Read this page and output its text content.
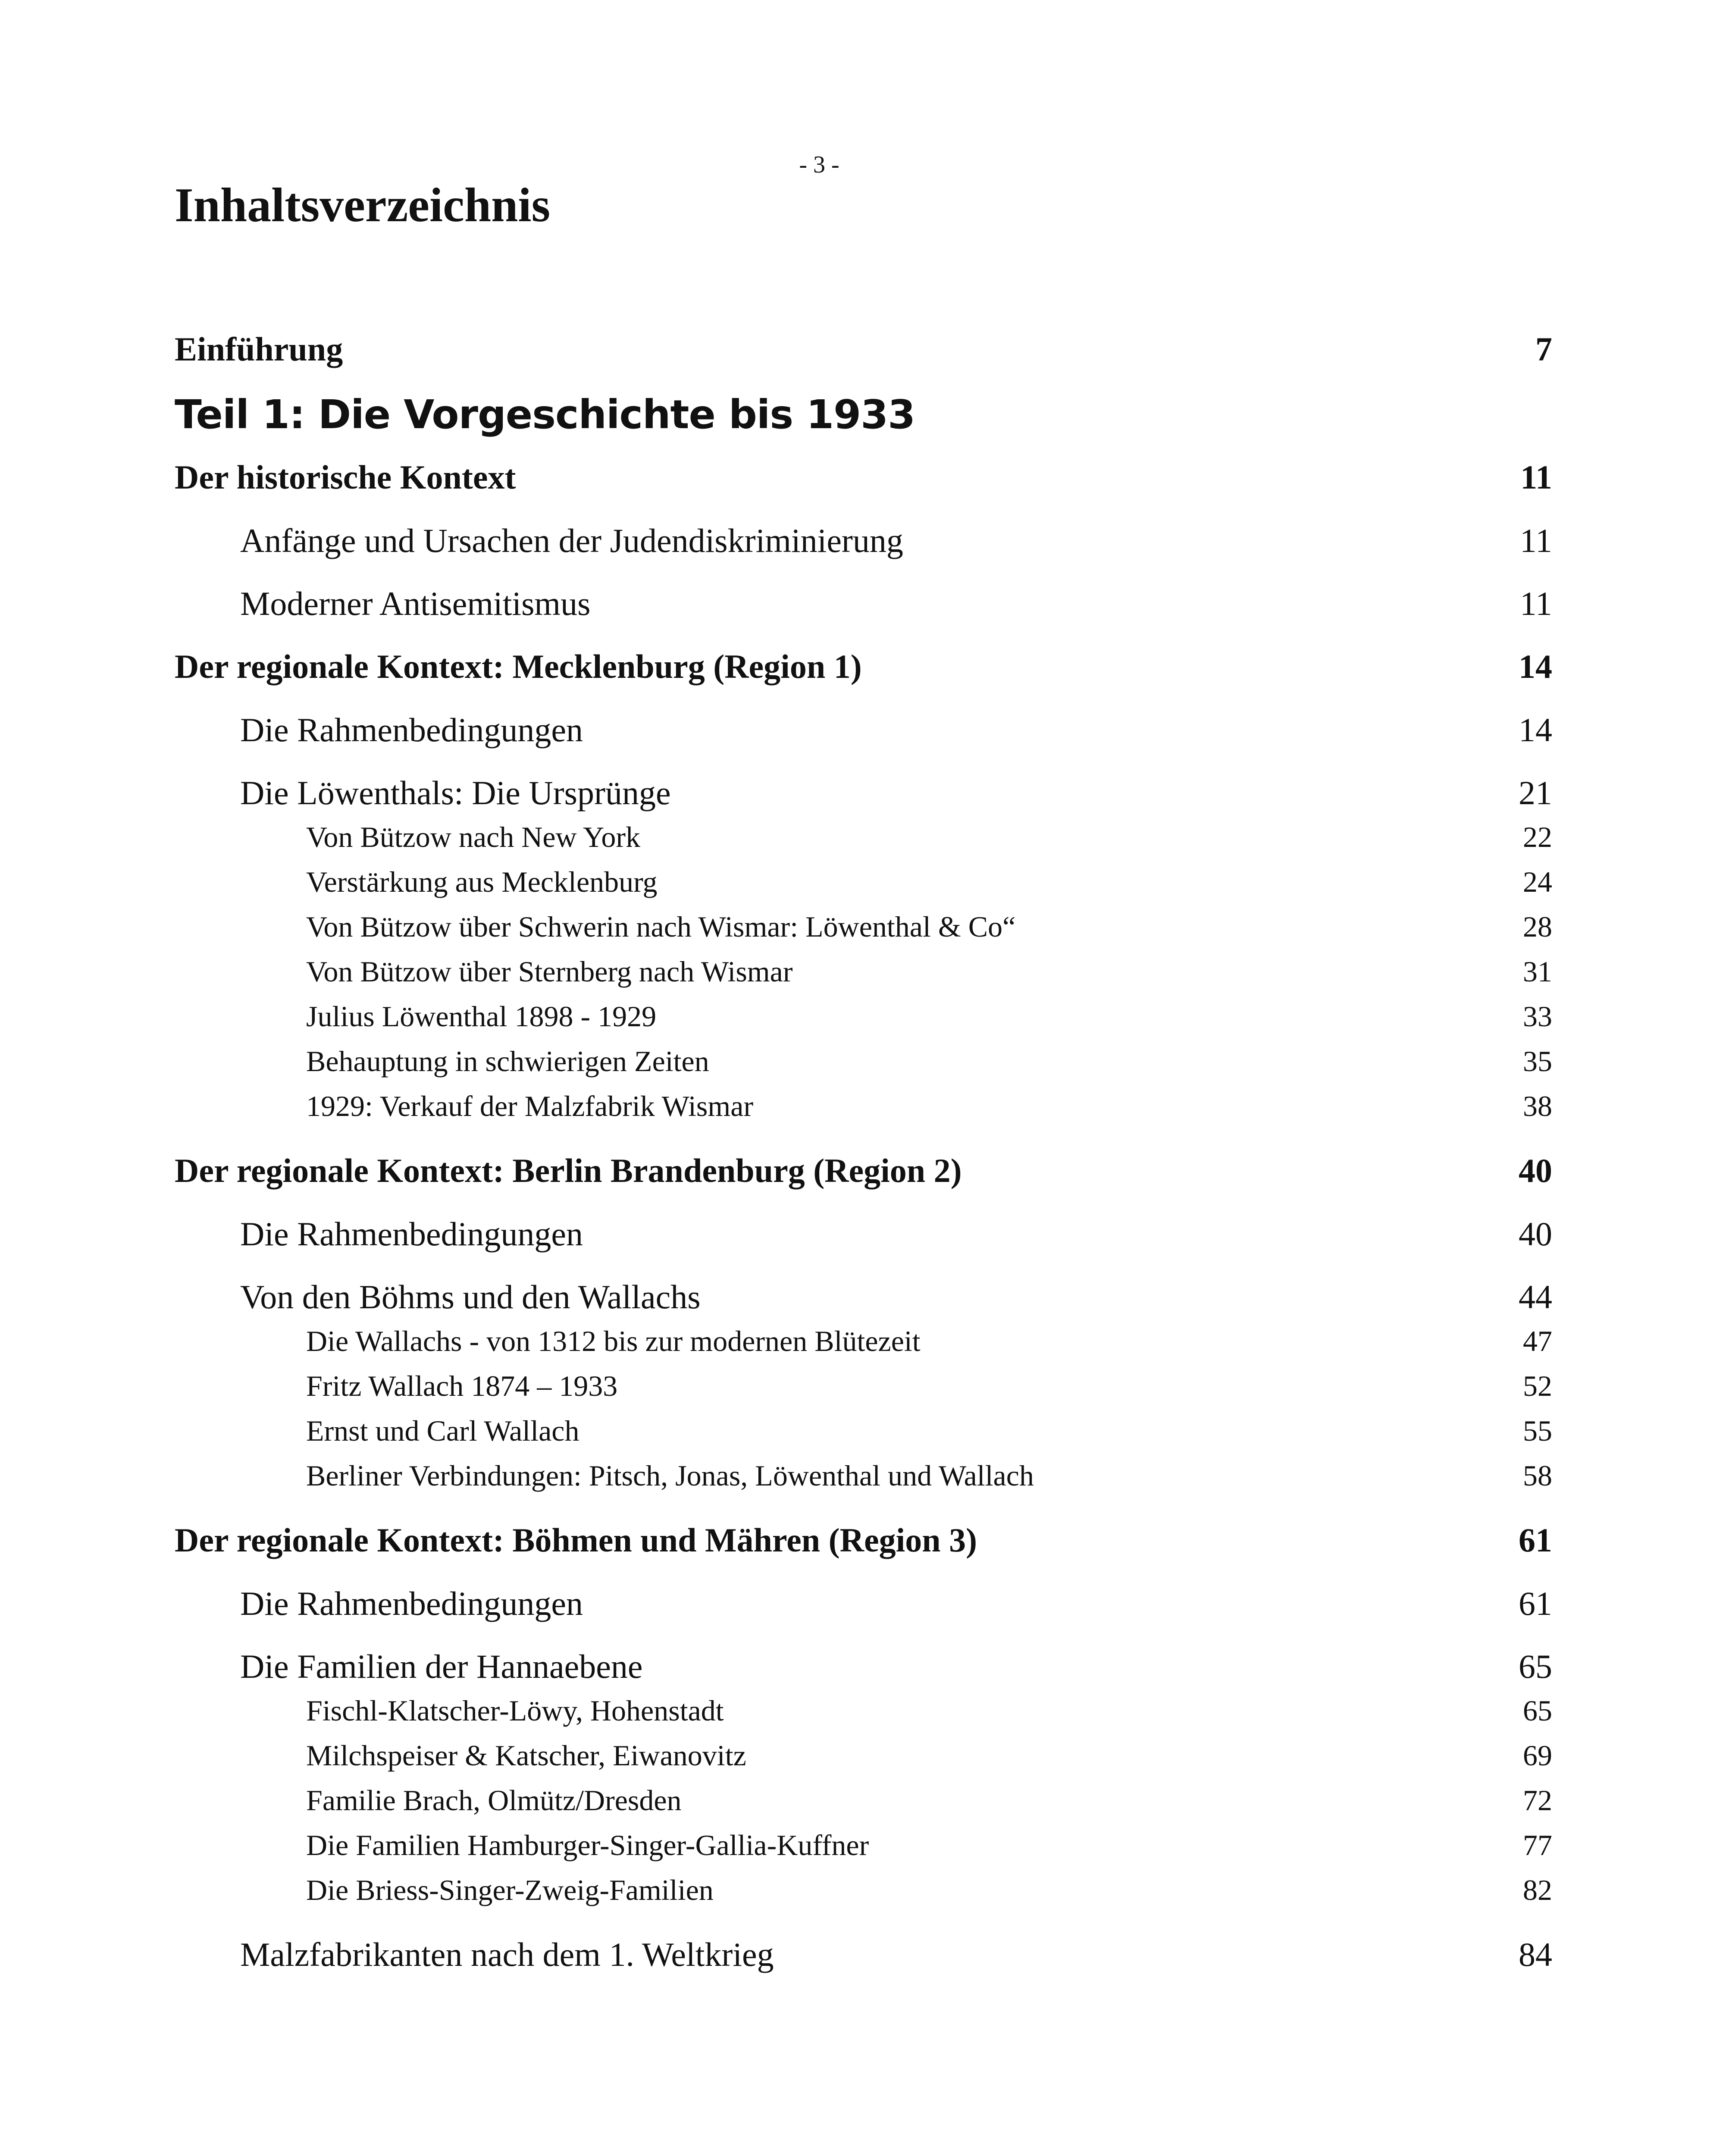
- 3 -
Inhaltsverzeichnis
Einführung	7
Teil 1: Die Vorgeschichte bis 1933
Der historische Kontext	11
Anfänge und Ursachen der Judendiskriminierung	11
Moderner Antisemitismus	11
Der regionale Kontext: Mecklenburg (Region 1)	14
Die Rahmenbedingungen	14
Die Löwenthals: Die Ursprünge	21
Von Bützow nach New York	22
Verstärkung aus Mecklenburg	24
Von Bützow über Schwerin nach Wismar: Löwenthal & Co“	28
Von Bützow über Sternberg nach Wismar	31
Julius Löwenthal 1898 - 1929	33
Behauptung in schwierigen Zeiten	35
1929: Verkauf der Malzfabrik Wismar	38
Der regionale Kontext: Berlin Brandenburg (Region 2)	40
Die Rahmenbedingungen	40
Von den Böhms und den Wallachs	44
Die Wallachs - von 1312 bis zur modernen Blütezeit	47
Fritz Wallach 1874 – 1933	52
Ernst und Carl Wallach	55
Berliner Verbindungen: Pitsch, Jonas, Löwenthal und Wallach	58
Der regionale Kontext: Böhmen und Mähren (Region 3)	61
Die Rahmenbedingungen	61
Die Familien der Hannaebene	65
Fischl-Klatscher-Löwy, Hohenstadt	65
Milchspeiser & Katscher, Eiwanovitz	69
Familie Brach, Olmütz/Dresden	72
Die Familien Hamburger-Singer-Gallia-Kuffner	77
Die Briess-Singer-Zweig-Familien	82
Malzfabrikanten nach dem 1. Weltkrieg	84
